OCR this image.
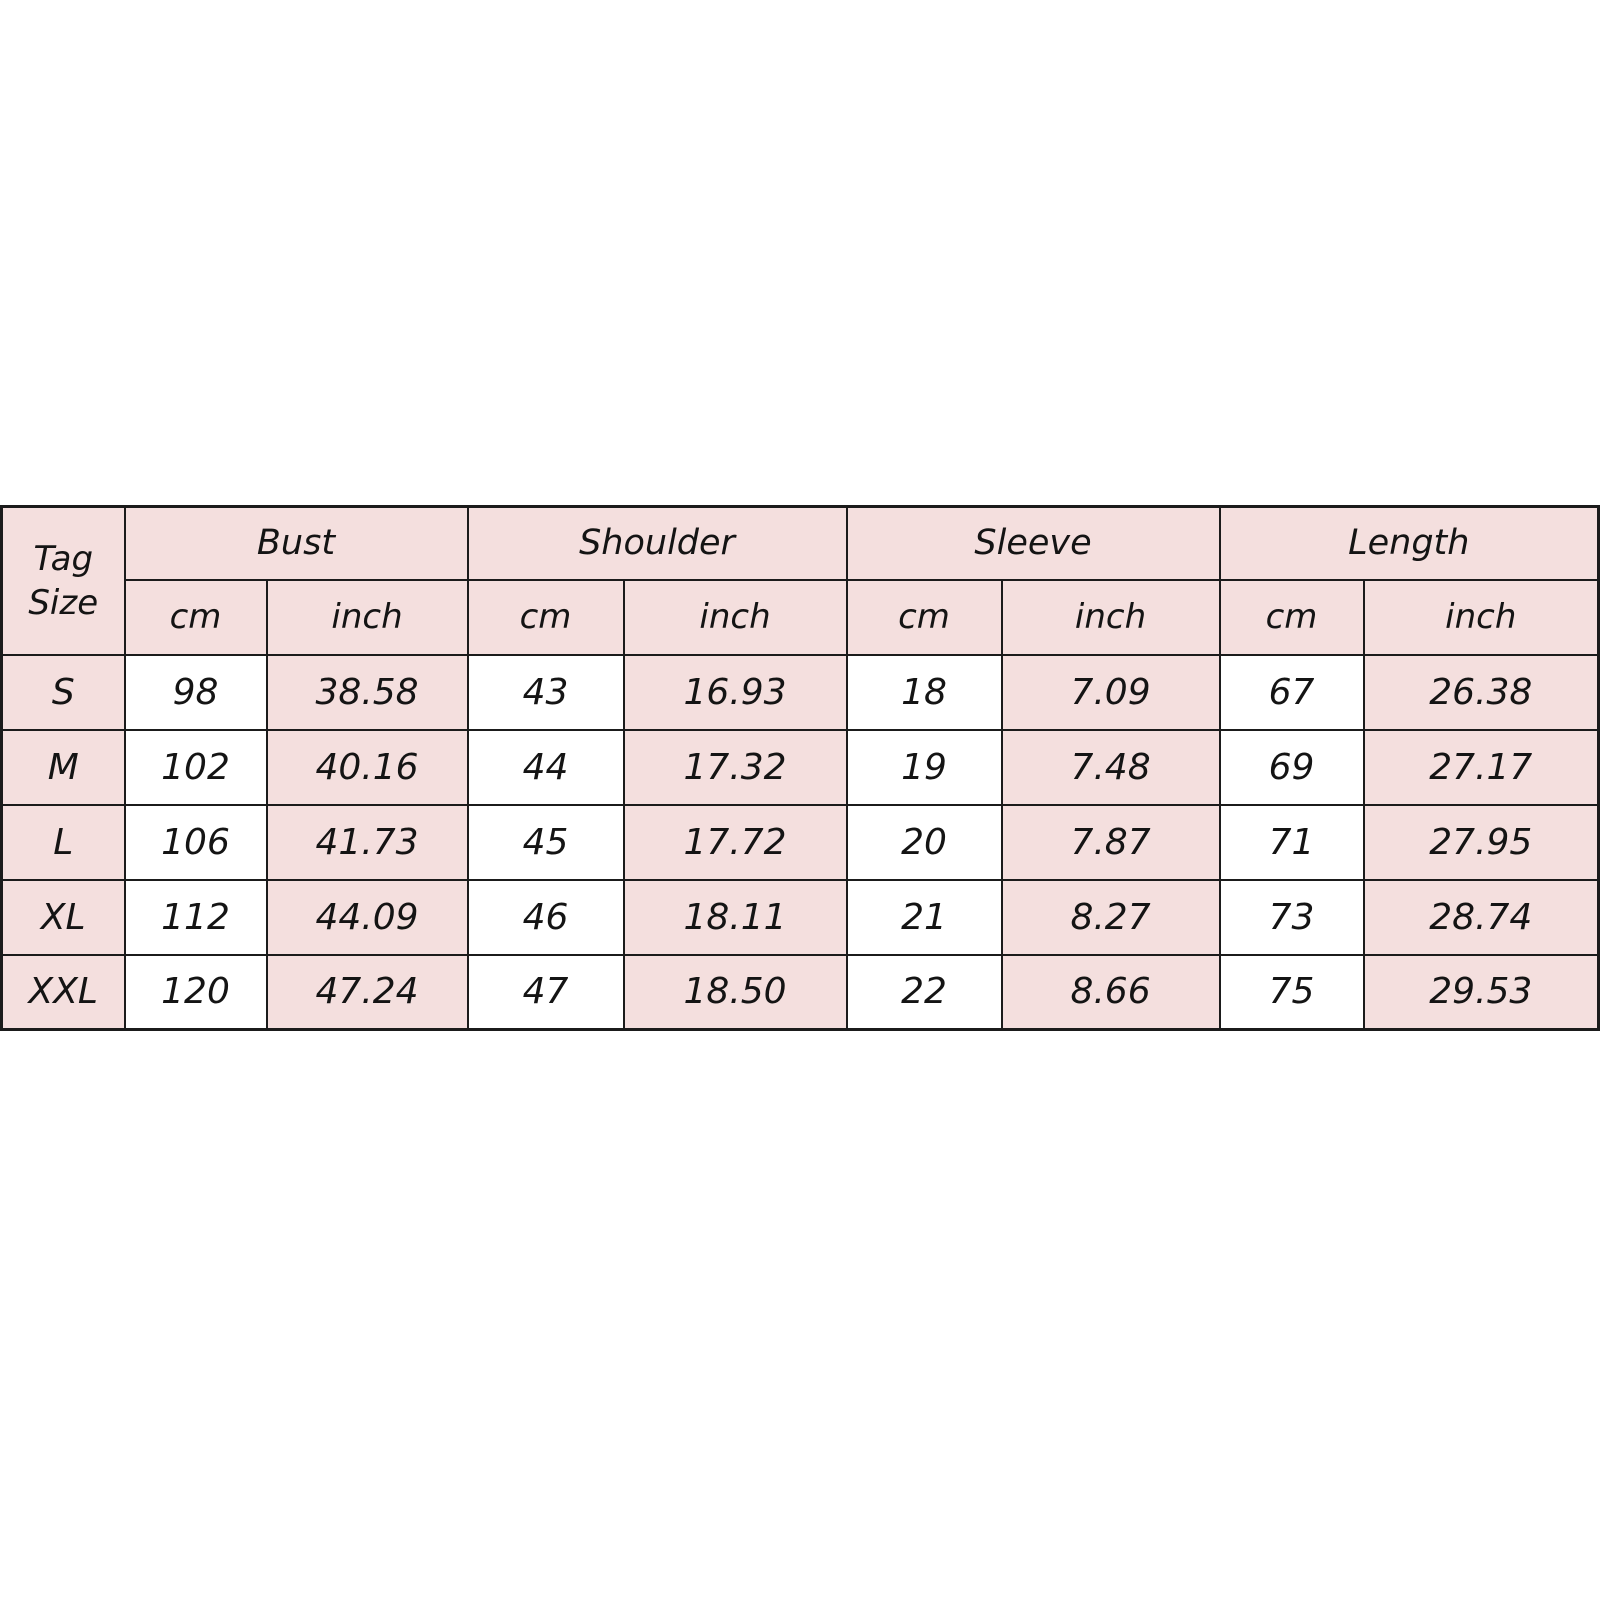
Tag
Size	Bust		Shoulder		Sleeve		Length	
	cm	inch	cm	inch	cm	inch	cm	inch
S	98	38.58	43	16.93	18	7.09	67	26.38
M	102	40.16	44	17.32	19	7.48	69	27.17
L	106	41.73	45	17.72	20	7.87	71	27.95
XL	112	44.09	46	18.11	21	8.27	73	28.74
XXL	120	47.24	47	18.50	22	8.66	75	29.53
